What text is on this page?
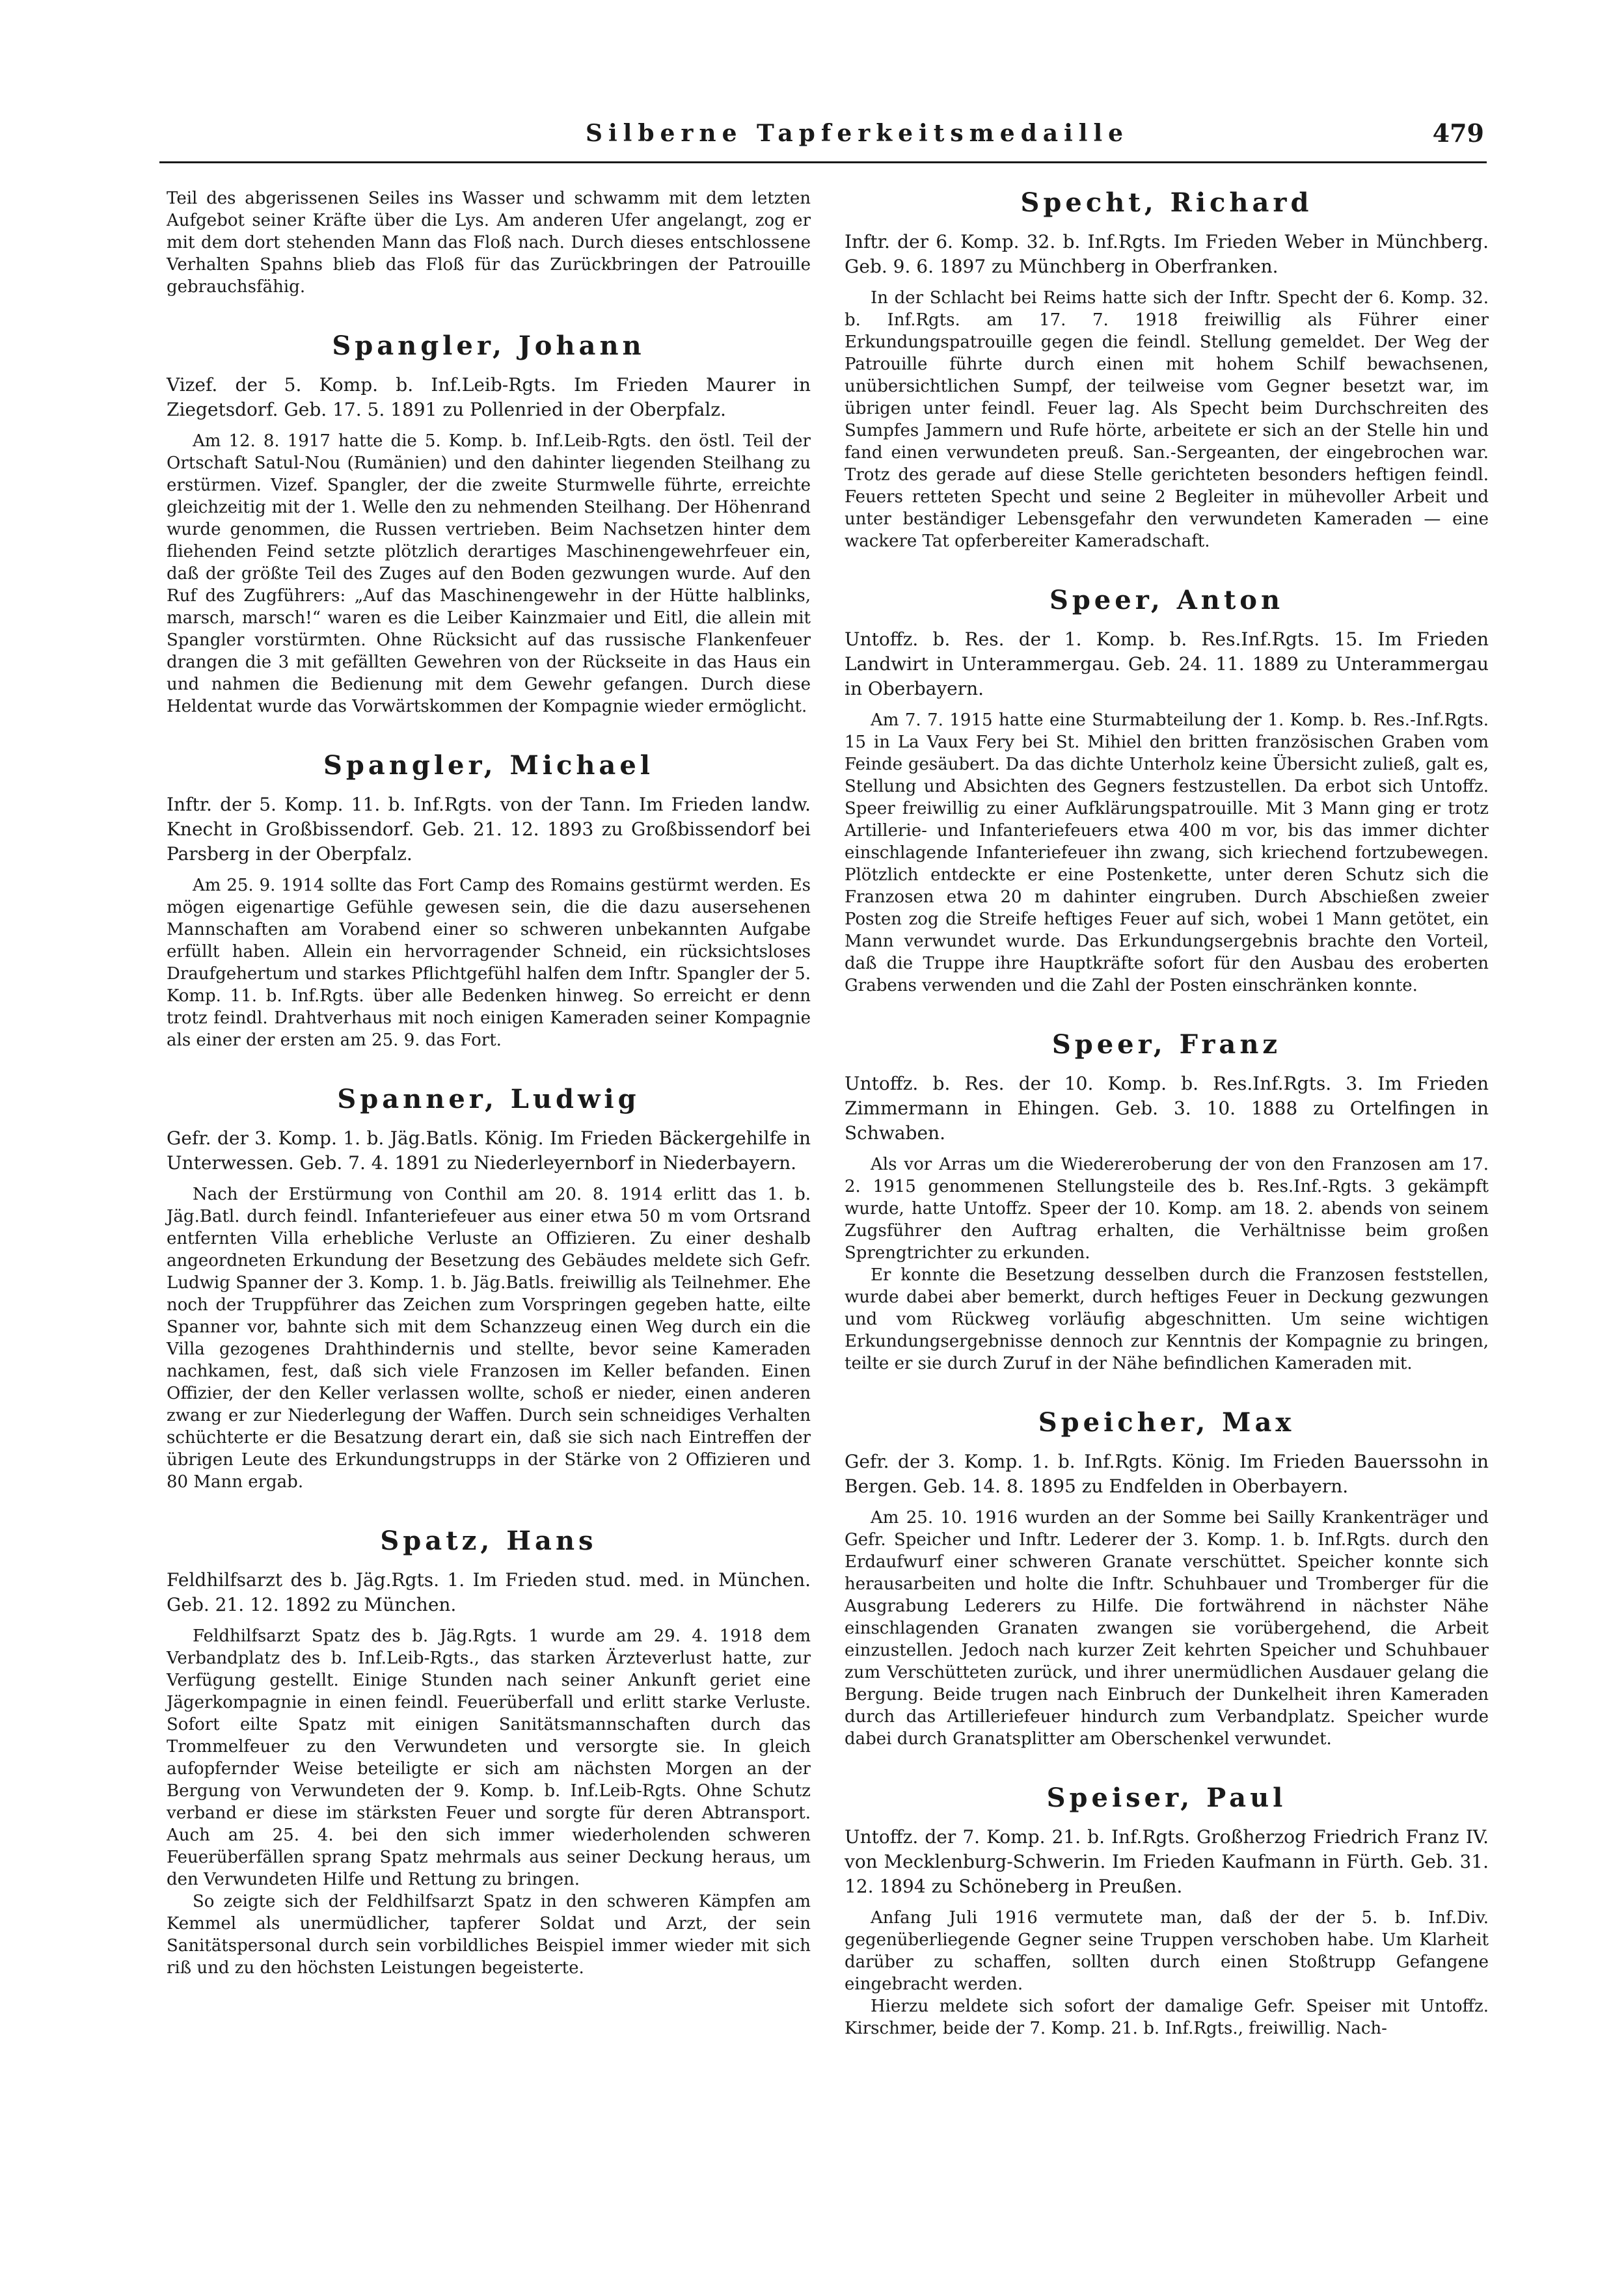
Silberne Tapferkeitsmedaille	479

Teil des abgerissenen Seiles ins Wasser und schwamm mit dem letzten Aufgebot seiner Kräfte über die Lys. Am anderen Ufer angelangt, zog er mit dem dort stehenden Mann das Floß nach. Durch dieses entschlossene Verhalten Spahns blieb das Floß für das Zurückbringen der Patrouille gebrauchsfähig.

Spangler, Johann

Vizef. der 5. Komp. b. Inf.Leib-Rgts. Im Frieden Maurer in Ziegetsdorf. Geb. 17. 5. 1891 zu Pollenried in der Oberpfalz.

Am 12. 8. 1917 hatte die 5. Komp. b. Inf.Leib-Rgts. den östl. Teil der Ortschaft Satul-Nou (Rumänien) und den dahinter liegenden Steilhang zu erstürmen. Vizef. Spangler, der die zweite Sturmwelle führte, erreichte gleichzeitig mit der 1. Welle den zu nehmenden Steilhang. Der Höhenrand wurde genommen, die Russen vertrieben. Beim Nachsetzen hinter dem fliehenden Feind setzte plötzlich derartiges Maschinengewehrfeuer ein, daß der größte Teil des Zuges auf den Boden gezwungen wurde. Auf den Ruf des Zugführers: „Auf das Maschinengewehr in der Hütte halblinks, marsch, marsch!“ waren es die Leiber Kainzmaier und Eitl, die allein mit Spangler vorstürmten. Ohne Rücksicht auf das russische Flankenfeuer drangen die 3 mit gefällten Gewehren von der Rückseite in das Haus ein und nahmen die Bedienung mit dem Gewehr gefangen. Durch diese Heldentat wurde das Vorwärtskommen der Kompagnie wieder ermöglicht.

Spangler, Michael

Inftr. der 5. Komp. 11. b. Inf.Rgts. von der Tann. Im Frieden landw. Knecht in Großbissendorf. Geb. 21. 12. 1893 zu Großbissendorf bei Parsberg in der Oberpfalz.

Am 25. 9. 1914 sollte das Fort Camp des Romains gestürmt werden. Es mögen eigenartige Gefühle gewesen sein, die die dazu ausersehenen Mannschaften am Vorabend einer so schweren unbekannten Aufgabe erfüllt haben. Allein ein hervorragender Schneid, ein rücksichtsloses Draufgehertum und starkes Pflichtgefühl halfen dem Inftr. Spangler der 5. Komp. 11. b. Inf.Rgts. über alle Bedenken hinweg. So erreicht er denn trotz feindl. Drahtverhaus mit noch einigen Kameraden seiner Kompagnie als einer der ersten am 25. 9. das Fort.

Spanner, Ludwig

Gefr. der 3. Komp. 1. b. Jäg.Batls. König. Im Frieden Bäckergehilfe in Unterwessen. Geb. 7. 4. 1891 zu Niederleyernborf in Niederbayern.

Nach der Erstürmung von Conthil am 20. 8. 1914 erlitt das 1. b. Jäg.Batl. durch feindl. Infanteriefeuer aus einer etwa 50 m vom Ortsrand entfernten Villa erhebliche Verluste an Offizieren. Zu einer deshalb angeordneten Erkundung der Besetzung des Gebäudes meldete sich Gefr. Ludwig Spanner der 3. Komp. 1. b. Jäg.Batls. freiwillig als Teilnehmer. Ehe noch der Truppführer das Zeichen zum Vorspringen gegeben hatte, eilte Spanner vor, bahnte sich mit dem Schanzzeug einen Weg durch ein die Villa gezogenes Drahthindernis und stellte, bevor seine Kameraden nachkamen, fest, daß sich viele Franzosen im Keller befanden. Einen Offizier, der den Keller verlassen wollte, schoß er nieder, einen anderen zwang er zur Niederlegung der Waffen. Durch sein schneidiges Verhalten schüchterte er die Besatzung derart ein, daß sie sich nach Eintreffen der übrigen Leute des Erkundungstrupps in der Stärke von 2 Offizieren und 80 Mann ergab.

Spatz, Hans

Feldhilfsarzt des b. Jäg.Rgts. 1. Im Frieden stud. med. in München. Geb. 21. 12. 1892 zu München.

Feldhilfsarzt Spatz des b. Jäg.Rgts. 1 wurde am 29. 4. 1918 dem Verbandplatz des b. Inf.Leib-Rgts., das starken Ärzteverlust hatte, zur Verfügung gestellt. Einige Stunden nach seiner Ankunft geriet eine Jägerkompagnie in einen feindl. Feuerüberfall und erlitt starke Verluste. Sofort eilte Spatz mit einigen Sanitätsmannschaften durch das Trommelfeuer zu den Verwundeten und versorgte sie. In gleich aufopfernder Weise beteiligte er sich am nächsten Morgen an der Bergung von Verwundeten der 9. Komp. b. Inf.Leib-Rgts. Ohne Schutz verband er diese im stärksten Feuer und sorgte für deren Abtransport. Auch am 25. 4. bei den sich immer wiederholenden schweren Feuerüberfällen sprang Spatz mehrmals aus seiner Deckung heraus, um den Verwundeten Hilfe und Rettung zu bringen.

So zeigte sich der Feldhilfsarzt Spatz in den schweren Kämpfen am Kemmel als unermüdlicher, tapferer Soldat und Arzt, der sein Sanitätspersonal durch sein vorbildliches Beispiel immer wieder mit sich riß und zu den höchsten Leistungen begeisterte.

Specht, Richard

Inftr. der 6. Komp. 32. b. Inf.Rgts. Im Frieden Weber in Münchberg. Geb. 9. 6. 1897 zu Münchberg in Oberfranken.

In der Schlacht bei Reims hatte sich der Inftr. Specht der 6. Komp. 32. b. Inf.Rgts. am 17. 7. 1918 freiwillig als Führer einer Erkundungspatrouille gegen die feindl. Stellung gemeldet. Der Weg der Patrouille führte durch einen mit hohem Schilf bewachsenen, unübersichtlichen Sumpf, der teilweise vom Gegner besetzt war, im übrigen unter feindl. Feuer lag. Als Specht beim Durchschreiten des Sumpfes Jammern und Rufe hörte, arbeitete er sich an der Stelle hin und fand einen verwundeten preuß. San.-Sergeanten, der eingebrochen war. Trotz des gerade auf diese Stelle gerichteten besonders heftigen feindl. Feuers retteten Specht und seine 2 Begleiter in mühevoller Arbeit und unter beständiger Lebensgefahr den verwundeten Kameraden — eine wackere Tat opferbereiter Kameradschaft.

Speer, Anton

Untoffz. b. Res. der 1. Komp. b. Res.Inf.Rgts. 15. Im Frieden Landwirt in Unterammergau. Geb. 24. 11. 1889 zu Unterammergau in Oberbayern.

Am 7. 7. 1915 hatte eine Sturmabteilung der 1. Komp. b. Res.-Inf.Rgts. 15 in La Vaux Fery bei St. Mihiel den britten französischen Graben vom Feinde gesäubert. Da das dichte Unterholz keine Übersicht zuließ, galt es, Stellung und Absichten des Gegners festzustellen. Da erbot sich Untoffz. Speer freiwillig zu einer Aufklärungspatrouille. Mit 3 Mann ging er trotz Artillerie- und Infanteriefeuers etwa 400 m vor, bis das immer dichter einschlagende Infanteriefeuer ihn zwang, sich kriechend fortzubewegen. Plötzlich entdeckte er eine Postenkette, unter deren Schutz sich die Franzosen etwa 20 m dahinter eingruben. Durch Abschießen zweier Posten zog die Streife heftiges Feuer auf sich, wobei 1 Mann getötet, ein Mann verwundet wurde. Das Erkundungsergebnis brachte den Vorteil, daß die Truppe ihre Hauptkräfte sofort für den Ausbau des eroberten Grabens verwenden und die Zahl der Posten einschränken konnte.

Speer, Franz

Untoffz. b. Res. der 10. Komp. b. Res.Inf.Rgts. 3. Im Frieden Zimmermann in Ehingen. Geb. 3. 10. 1888 zu Ortelfingen in Schwaben.

Als vor Arras um die Wiedereroberung der von den Franzosen am 17. 2. 1915 genommenen Stellungsteile des b. Res.Inf.-Rgts. 3 gekämpft wurde, hatte Untoffz. Speer der 10. Komp. am 18. 2. abends von seinem Zugsführer den Auftrag erhalten, die Verhältnisse beim großen Sprengtrichter zu erkunden.

Er konnte die Besetzung desselben durch die Franzosen feststellen, wurde dabei aber bemerkt, durch heftiges Feuer in Deckung gezwungen und vom Rückweg vorläufig abgeschnitten. Um seine wichtigen Erkundungsergebnisse dennoch zur Kenntnis der Kompagnie zu bringen, teilte er sie durch Zuruf in der Nähe befindlichen Kameraden mit.

Speicher, Max

Gefr. der 3. Komp. 1. b. Inf.Rgts. König. Im Frieden Bauerssohn in Bergen. Geb. 14. 8. 1895 zu Endfelden in Oberbayern.

Am 25. 10. 1916 wurden an der Somme bei Sailly Krankenträger und Gefr. Speicher und Inftr. Lederer der 3. Komp. 1. b. Inf.Rgts. durch den Erdaufwurf einer schweren Granate verschüttet. Speicher konnte sich herausarbeiten und holte die Inftr. Schuhbauer und Tromberger für die Ausgrabung Lederers zu Hilfe. Die fortwährend in nächster Nähe einschlagenden Granaten zwangen sie vorübergehend, die Arbeit einzustellen. Jedoch nach kurzer Zeit kehrten Speicher und Schuhbauer zum Verschütteten zurück, und ihrer unermüdlichen Ausdauer gelang die Bergung. Beide trugen nach Einbruch der Dunkelheit ihren Kameraden durch das Artilleriefeuer hindurch zum Verbandplatz. Speicher wurde dabei durch Granatsplitter am Oberschenkel verwundet.

Speiser, Paul

Untoffz. der 7. Komp. 21. b. Inf.Rgts. Großherzog Friedrich Franz IV. von Mecklenburg-Schwerin. Im Frieden Kaufmann in Fürth. Geb. 31. 12. 1894 zu Schöneberg in Preußen.

Anfang Juli 1916 vermutete man, daß der der 5. b. Inf.Div. gegenüberliegende Gegner seine Truppen verschoben habe. Um Klarheit darüber zu schaffen, sollten durch einen Stoßtrupp Gefangene eingebracht werden.

Hierzu meldete sich sofort der damalige Gefr. Speiser mit Untoffz. Kirschmer, beide der 7. Komp. 21. b. Inf.Rgts., freiwillig. Nach-
